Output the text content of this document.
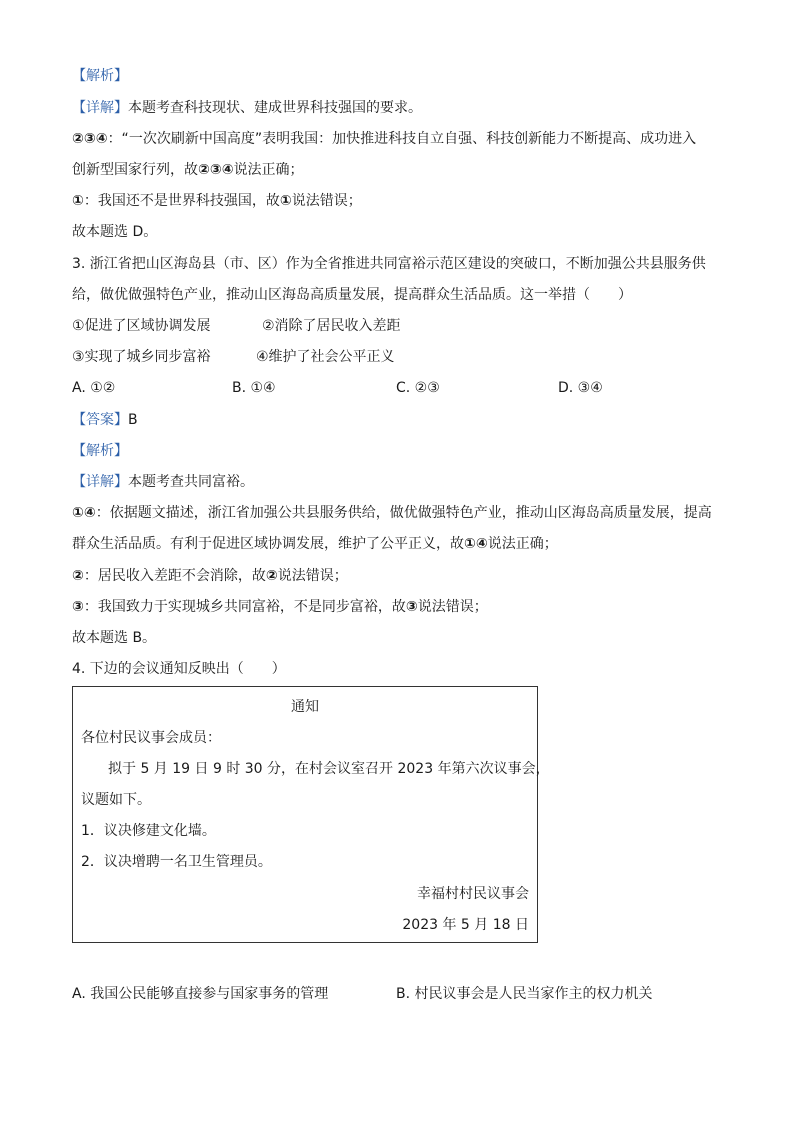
【解析】
【详解】本题考查科技现状、建成世界科技强国的要求。
②③④：“一次次刷新中国高度”表明我国：加快推进科技自立自强、科技创新能力不断提高、成功进入
创新型国家行列，故②③④说法正确；
①：我国还不是世界科技强国，故①说法错误；
故本题选 D。
3. 浙江省把山区海岛县（市、区）作为全省推进共同富裕示范区建设的突破口，不断加强公共县服务供
给，做优做强特色产业，推动山区海岛高质量发展，提高群众生活品质。这一举措（　　）
①促进了区域协调发展	②消除了居民收入差距
③实现了城乡同步富裕	④维护了社会公平正义
A. ①②	B. ①④	C. ②③	D. ③④
【答案】B
【解析】
【详解】本题考查共同富裕。
①④：依据题文描述，浙江省加强公共县服务供给，做优做强特色产业，推动山区海岛高质量发展，提高
群众生活品质。有利于促进区域协调发展，维护了公平正义，故①④说法正确；
②：居民收入差距不会消除，故②说法错误；
③：我国致力于实现城乡共同富裕，不是同步富裕，故③说法错误；
故本题选 B。
4. 下边的会议通知反映出（　　）
通知
各位村民议事会成员：
拟于 5 月 19 日 9 时 30 分，在村会议室召开 2023 年第六次议事会，
议题如下。
1．议决修建文化墙。
2．议决增聘一名卫生管理员。
幸福村村民议事会
2023 年 5 月 18 日
A. 我国公民能够直接参与国家事务的管理	B. 村民议事会是人民当家作主的权力机关
